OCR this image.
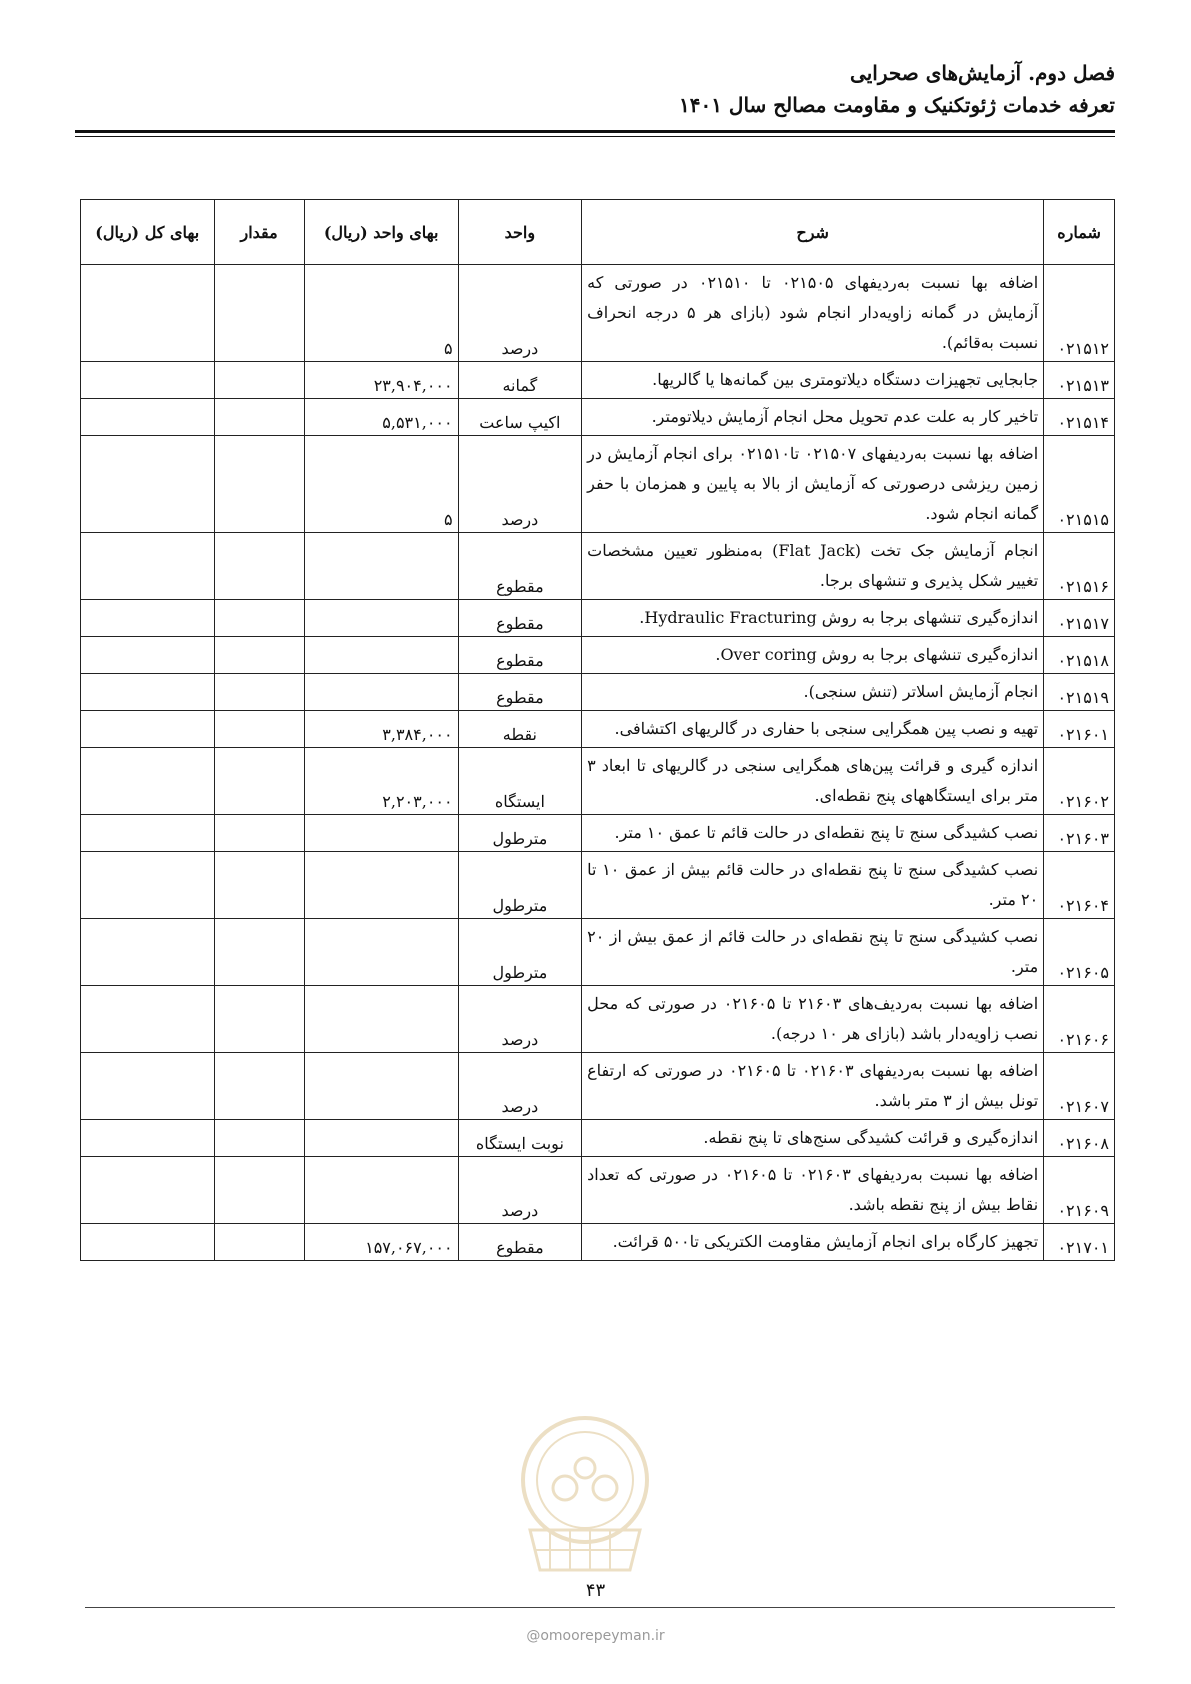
فصل دوم. آزمایش‌های صحرایی
تعرفه خدمات ژئوتکنیک و مقاومت مصالح سال ۱۴۰۱
شماره	شرح	واحد	بهای واحد (ریال)	مقدار	بهای کل (ریال)
۰۲۱۵۱۲	اضافه بها نسبت به‌ردیفهای ۰۲۱۵۰۵ تا ۰۲۱۵۱۰ در صورتی که آزمایش در گمانه زاویه‌دار انجام شود (بازای هر ۵ درجه انحراف نسبت به‌قائم).	درصد	۵		
۰۲۱۵۱۳	جابجایی تجهیزات دستگاه دیلاتومتری بین گمانه‌ها یا گالریها.	گمانه	۲۳,۹۰۴,۰۰۰		
۰۲۱۵۱۴	تاخیر کار به علت عدم تحویل محل انجام آزمایش دیلاتومتر.	اکیپ ساعت	۵,۵۳۱,۰۰۰		
۰۲۱۵۱۵	اضافه بها نسبت به‌ردیفهای ۰۲۱۵۰۷ تا۰۲۱۵۱۰ برای انجام آزمایش در زمین ریزشی درصورتی که آزمایش از بالا به پایین و همزمان با حفر گمانه انجام شود.	درصد	۵		
۰۲۱۵۱۶	انجام آزمایش جک تخت (Flat Jack) به‌منظور تعیین مشخصات تغییر شکل پذیری و تنشهای برجا.	مقطوع			
۰۲۱۵۱۷	اندازه‌گیری تنشهای برجا به روش Hydraulic Fracturing.	مقطوع			
۰۲۱۵۱۸	اندازه‌گیری تنشهای برجا به روش Over coring.	مقطوع			
۰۲۱۵۱۹	انجام آزمایش اسلاتر (تنش سنجی).	مقطوع			
۰۲۱۶۰۱	تهیه و نصب پین همگرایی سنجی با حفاری در گالریهای اکتشافی.	نقطه	۳,۳۸۴,۰۰۰		
۰۲۱۶۰۲	اندازه گیری و قرائت پین‌های همگرایی سنجی در گالریهای تا ابعاد ۳ متر برای ایستگاههای پنج نقطه‌ای.	ایستگاه	۲,۲۰۳,۰۰۰		
۰۲۱۶۰۳	نصب کشیدگی سنج تا پنج نقطه‌ای در حالت قائم تا عمق ۱۰ متر.	مترطول			
۰۲۱۶۰۴	نصب کشیدگی سنج تا پنج نقطه‌ای در حالت قائم بیش از عمق ۱۰ تا ۲۰ متر.	مترطول			
۰۲۱۶۰۵	نصب کشیدگی سنج تا پنج نقطه‌ای در حالت قائم از عمق بیش از ۲۰ متر.	مترطول			
۰۲۱۶۰۶	اضافه بها نسبت به‌ردیف‌های ۲۱۶۰۳ تا ۰۲۱۶۰۵ در صورتی که محل نصب زاویه‌دار باشد (بازای هر ۱۰ درجه).	درصد			
۰۲۱۶۰۷	اضافه بها نسبت به‌ردیفهای ۰۲۱۶۰۳ تا ۰۲۱۶۰۵ در صورتی که ارتفاع تونل بیش از ۳ متر باشد.	درصد			
۰۲۱۶۰۸	اندازه‌گیری و قرائت کشیدگی سنج‌های تا پنج نقطه.	نوبت ایستگاه			
۰۲۱۶۰۹	اضافه بها نسبت به‌ردیفهای ۰۲۱۶۰۳ تا ۰۲۱۶۰۵ در صورتی که تعداد نقاط بیش از پنج نقطه باشد.	درصد			
۰۲۱۷۰۱	تجهیز کارگاه برای انجام آزمایش مقاومت الکتریکی تا۵۰۰ قرائت.	مقطوع	۱۵۷,۰۶۷,۰۰۰		
۴۳
@omoorepeyman.ir
